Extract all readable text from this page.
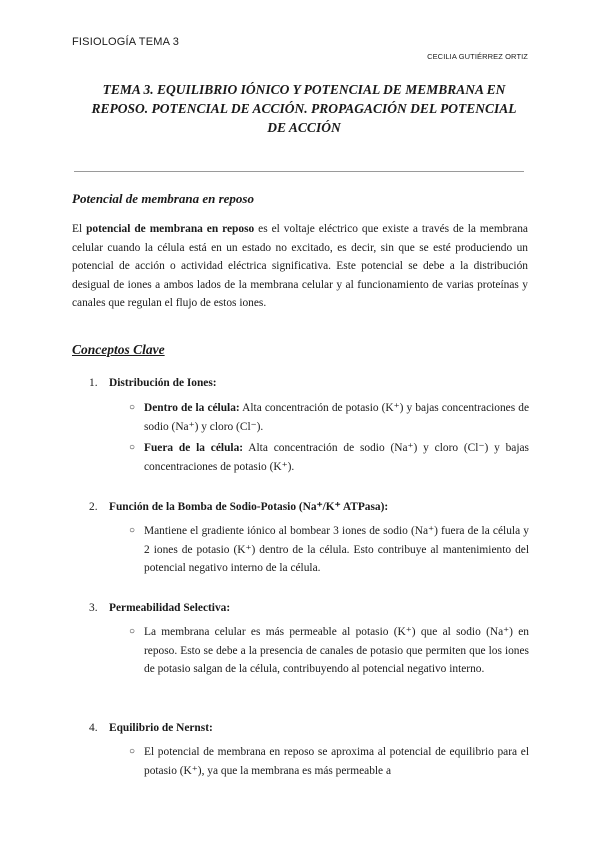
FISIOLOGÍA TEMA 3
CECILIA GUTIÉRREZ ORTIZ
TEMA 3. EQUILIBRIO IÓNICO Y POTENCIAL DE MEMBRANA EN REPOSO. POTENCIAL DE ACCIÓN. PROPAGACIÓN DEL POTENCIAL DE ACCIÓN
Potencial de membrana en reposo

El potencial de membrana en reposo es el voltaje eléctrico que existe a través de la membrana celular cuando la célula está en un estado no excitado, es decir, sin que se esté produciendo un potencial de acción o actividad eléctrica significativa. Este potencial se debe a la distribución desigual de iones a ambos lados de la membrana celular y al funcionamiento de varias proteínas y canales que regulan el flujo de estos iones.

Conceptos Clave
1. Distribución de Iones:
○ Dentro de la célula: Alta concentración de potasio (K⁺) y bajas concentraciones de sodio (Na⁺) y cloro (Cl⁻).
○ Fuera de la célula: Alta concentración de sodio (Na⁺) y cloro (Cl⁻) y bajas concentraciones de potasio (K⁺).
2. Función de la Bomba de Sodio-Potasio (Na⁺/K⁺ ATPasa):
○ Mantiene el gradiente iónico al bombear 3 iones de sodio (Na⁺) fuera de la célula y 2 iones de potasio (K⁺) dentro de la célula. Esto contribuye al mantenimiento del potencial negativo interno de la célula.
3. Permeabilidad Selectiva:
○ La membrana celular es más permeable al potasio (K⁺) que al sodio (Na⁺) en reposo. Esto se debe a la presencia de canales de potasio que permiten que los iones de potasio salgan de la célula, contribuyendo al potencial negativo interno.
4. Equilibrio de Nernst:
○ El potencial de membrana en reposo se aproxima al potencial de equilibrio para el potasio (K⁺), ya que la membrana es más permeable a
